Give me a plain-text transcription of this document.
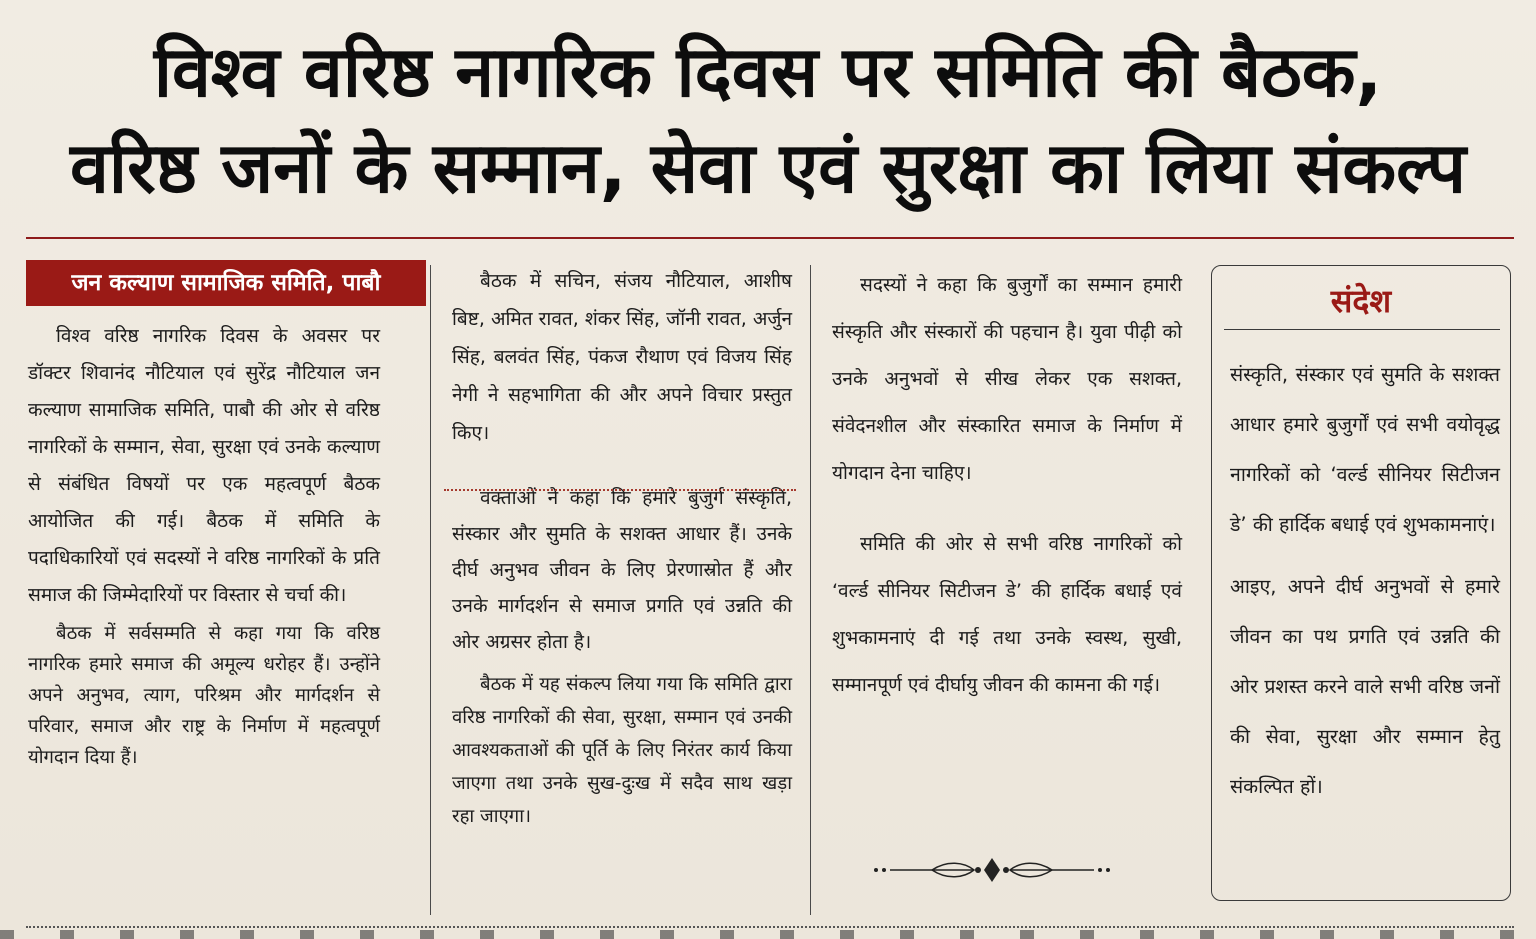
विश्व वरिष्ठ नागरिक दिवस पर समिति की बैठक,
वरिष्ठ जनों के सम्मान, सेवा एवं सुरक्षा का लिया संकल्प
जन कल्याण सामाजिक समिति, पाबौ

विश्व वरिष्ठ नागरिक दिवस के अवसर पर डॉक्टर शिवानंद नौटियाल एवं सुरेंद्र नौटियाल जन कल्याण सामाजिक समिति, पाबौ की ओर से वरिष्ठ नागरिकों के सम्मान, सेवा, सुरक्षा एवं उनके कल्याण से संबंधित विषयों पर एक महत्वपूर्ण बैठक आयोजित की गई। बैठक में समिति के पदाधिकारियों एवं सदस्यों ने वरिष्ठ नागरिकों के प्रति समाज की जिम्मेदारियों पर विस्तार से चर्चा की।

बैठक में सर्वसम्मति से कहा गया कि वरिष्ठ नागरिक हमारे समाज की अमूल्य धरोहर हैं। उन्होंने अपने अनुभव, त्याग, परिश्रम और मार्गदर्शन से परिवार, समाज और राष्ट्र के निर्माण में महत्वपूर्ण योगदान दिया हैं।

बैठक में सचिन, संजय नौटियाल, आशीष बिष्ट, अमित रावत, शंकर सिंह, जॉनी रावत, अर्जुन सिंह, बलवंत सिंह, पंकज रौथाण एवं विजय सिंह नेगी ने सहभागिता की और अपने विचार प्रस्तुत किए।

वक्ताओं ने कहा कि हमारे बुजुर्ग संस्कृति, संस्कार और सुमति के सशक्त आधार हैं। उनके दीर्घ अनुभव जीवन के लिए प्रेरणास्रोत हैं और उनके मार्गदर्शन से समाज प्रगति एवं उन्नति की ओर अग्रसर होता है।

बैठक में यह संकल्प लिया गया कि समिति द्वारा वरिष्ठ नागरिकों की सेवा, सुरक्षा, सम्मान एवं उनकी आवश्यकताओं की पूर्ति के लिए निरंतर कार्य किया जाएगा तथा उनके सुख-दुःख में सदैव साथ खड़ा रहा जाएगा।

सदस्यों ने कहा कि बुजुर्गों का सम्मान हमारी संस्कृति और संस्कारों की पहचान है। युवा पीढ़ी को उनके अनुभवों से सीख लेकर एक सशक्त, संवेदनशील और संस्कारित समाज के निर्माण में योगदान देना चाहिए।

समिति की ओर से सभी वरिष्ठ नागरिकों को ‘वर्ल्ड सीनियर सिटीजन डे’ की हार्दिक बधाई एवं शुभकामनाएं दी गई तथा उनके स्वस्थ, सुखी, सम्मानपूर्ण एवं दीर्घायु जीवन की कामना की गई।

संदेश

संस्कृति, संस्कार एवं सुमति के सशक्त आधार हमारे बुजुर्गों एवं सभी वयोवृद्ध नागरिकों को ‘वर्ल्ड सीनियर सिटीजन डे’ की हार्दिक बधाई एवं शुभकामनाएं।

आइए, अपने दीर्घ अनुभवों से हमारे जीवन का पथ प्रगति एवं उन्नति की ओर प्रशस्त करने वाले सभी वरिष्ठ जनों की सेवा, सुरक्षा और सम्मान हेतु संकल्पित हों।
